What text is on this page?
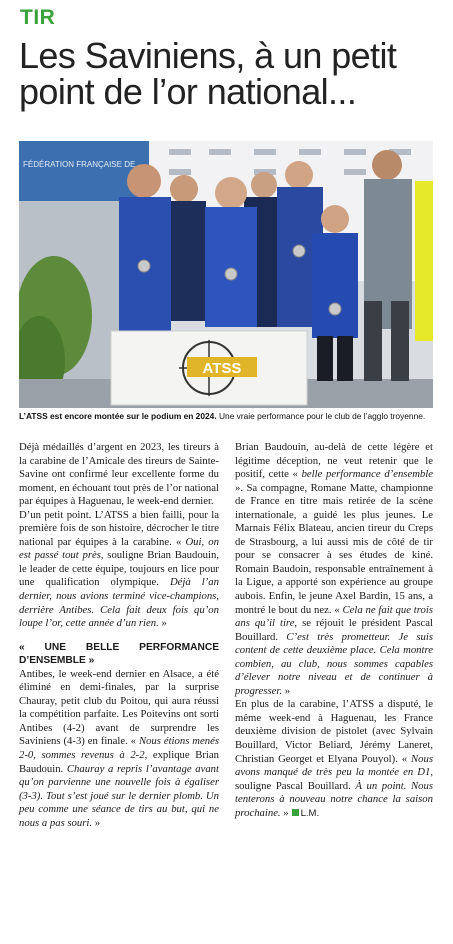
TIR
Les Saviniens, à un petit
point de l’or national...
FÉDÉRATION FRANÇAISE DE
ATSS
L’ATSS est encore montée sur le podium en 2024. Une vraie performance pour le club de l’agglo troyenne.

Déjà médaillés d’argent en 2023, les tireurs à la carabine de l’Amicale des tireurs de Sainte-Savine ont confirmé leur excellente forme du moment, en échouant tout près de l’or national par équipes à Haguenau, le week-end dernier.

D’un petit point. L’ATSS a bien failli, pour la première fois de son histoire, décrocher le titre national par équipes à la carabine. « Oui, on est passé tout près, souligne Brian Baudouin, le leader de cette équipe, toujours en lice pour une qualification olympique. Déjà l’an dernier, nous avions terminé vice-champions, derrière Antibes. Cela fait deux fois qu’on loupe l’or, cette année d’un rien. »

« UNE BELLE PERFORMANCE D’ENSEMBLE »

Antibes, le week-end dernier en Alsace, a été éliminé en demi-finales, par la surprise Chauray, petit club du Poitou, qui aura réussi la compétition parfaite. Les Poitevins ont sorti Antibes (4-2) avant de surprendre les Saviniens (4-3) en finale. « Nous étions menés 2-0, sommes revenus à 2-2, explique Brian Baudouin. Chauray a repris l’avantage avant qu’on parvienne une nouvelle fois à égaliser (3-3). Tout s’est joué sur le dernier plomb. Un peu comme une séance de tirs au but, qui ne nous a pas souri. »

Brian Baudouin, au-delà de cette légère et légitime déception, ne veut retenir que le positif, cette « belle performance d’ensemble ». Sa compagne, Romane Matte, championne de France en titre mais retirée de la scène internationale, a guidé les plus jeunes. Le Marnais Félix Blateau, ancien tireur du Creps de Strasbourg, a lui aussi mis de côté de tir pour se consacrer à ses études de kiné. Romain Baudoin, responsable entraînement à la Ligue, a apporté son expérience au groupe aubois. Enfin, le jeune Axel Bardin, 15 ans, a montré le bout du nez. « Cela ne fait que trois ans qu’il tire, se réjouit le président Pascal Bouillard. C’est très prometteur. Je suis content de cette deuxième place. Cela montre combien, au club, nous sommes capables d’élever notre niveau et de continuer à progresser. »

En plus de la carabine, l’ATSS a disputé, le même week-end à Haguenau, les France deuxième division de pistolet (avec Sylvain Bouillard, Victor Beliard, Jérémy Laneret, Christian Georget et Elyana Pouyol). « Nous avons manqué de très peu la montée en D1, souligne Pascal Bouillard. À un point. Nous tenterons à nouveau notre chance la saison prochaine. » L.M.
